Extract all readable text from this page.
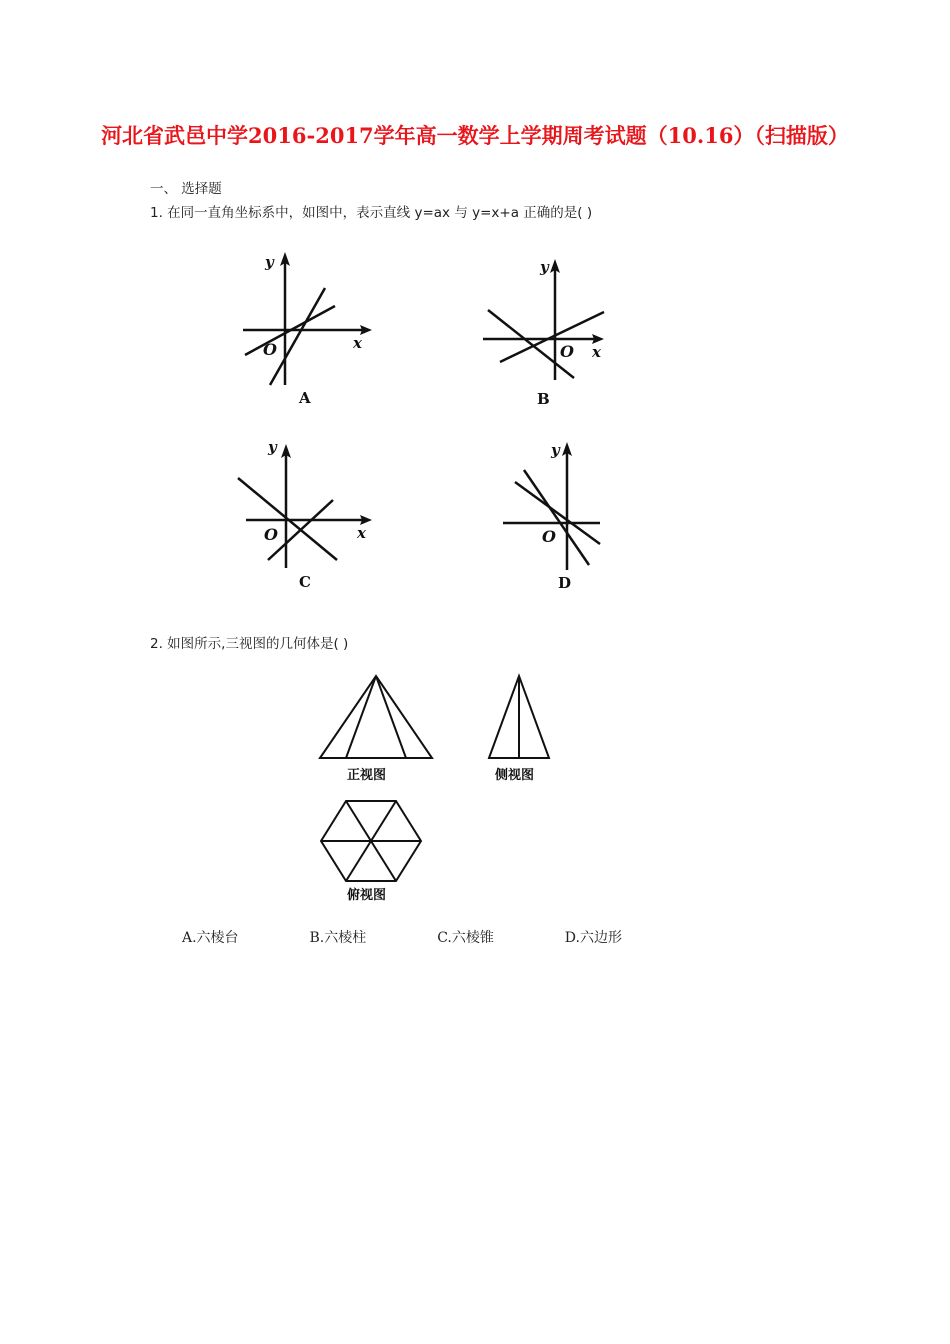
河北省武邑中学2016-2017学年高一数学上学期周考试题（10.16）（扫描版）
一、 选择题
1. 在同一直角坐标系中，如图中，表示直线 y=ax 与 y=x+a 正确的是( )
y
x
O
A
y
x
O
B
y
x
O
C
y
O
D
2. 如图所示,三视图的几何体是( )
正视图	侧视图
俯视图
A.六棱台	B.六棱柱	C.六棱锥	D.六边形
